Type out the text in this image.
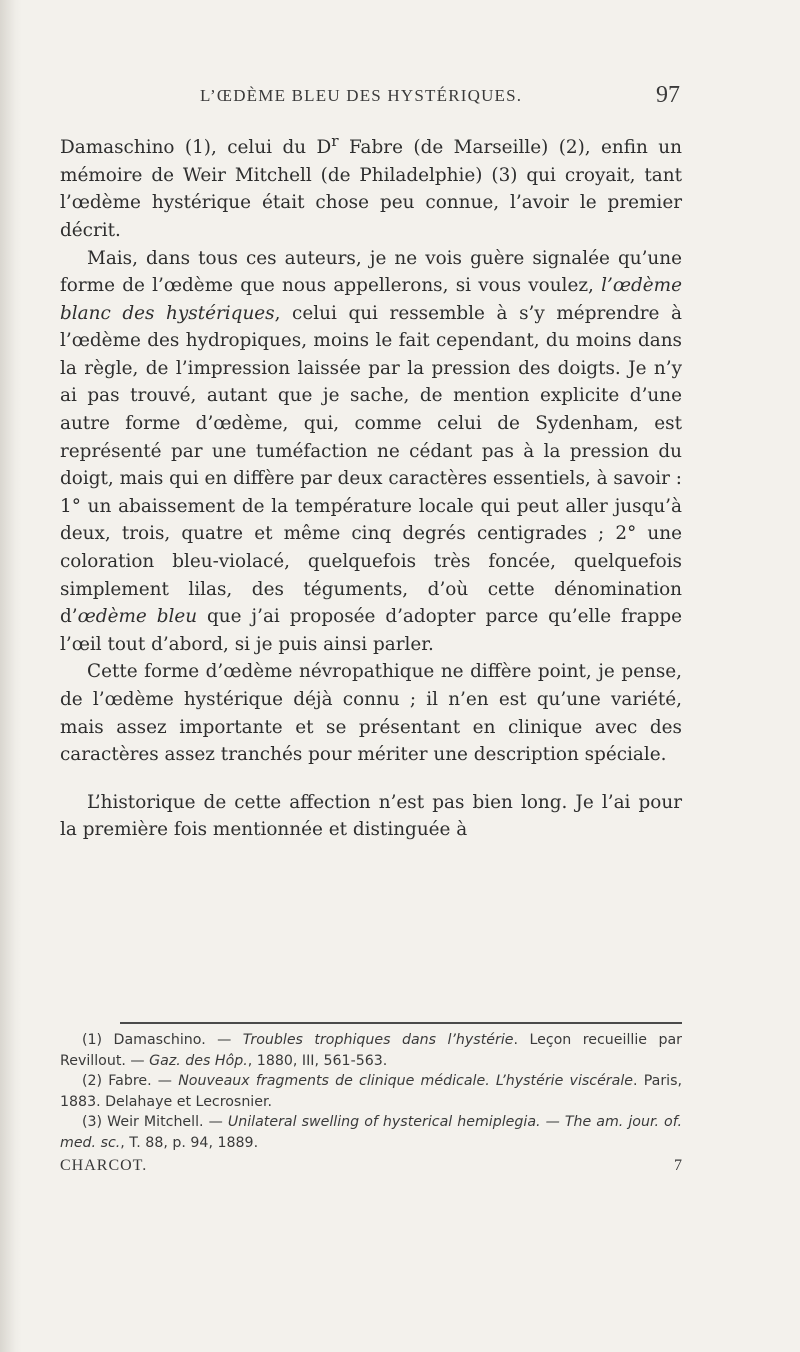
L’ŒDÈME BLEU DES HYSTÉRIQUES.	97

Damaschino (1), celui du $D^r$ Fabre (de Marseille) (2), enfin un mémoire de Weir Mitchell (de Philadelphie) (3) qui croyait, tant l’œdème hystérique était chose peu connue, l’avoir le premier décrit.

Mais, dans tous ces auteurs, je ne vois guère signalée qu’une forme de l’œdème que nous appellerons, si vous voulez, l’œdème blanc des hystériques, celui qui ressemble à s’y méprendre à l’œdème des hydropiques, moins le fait cependant, du moins dans la règle, de l’impression laissée par la pression des doigts. Je n’y ai pas trouvé, autant que je sache, de mention explicite d’une autre forme d’œdème, qui, comme celui de Sydenham, est représenté par une tuméfaction ne cédant pas à la pression du doigt, mais qui en diffère par deux caractères essentiels, à savoir : 1° un abaissement de la température locale qui peut aller jusqu’à deux, trois, quatre et même cinq degrés centigrades ; 2° une coloration bleu-violacé, quelquefois très foncée, quelquefois simplement lilas, des téguments, d’où cette dénomination d’œdème bleu que j’ai proposée d’adopter parce qu’elle frappe l’œil tout d’abord, si je puis ainsi parler.

Cette forme d’œdème névropathique ne diffère point, je pense, de l’œdème hystérique déjà connu ; il n’en est qu’une variété, mais assez importante et se présentant en clinique avec des caractères assez tranchés pour mériter une description spéciale.

L’historique de cette affection n’est pas bien long. Je l’ai pour la première fois mentionnée et distinguée à

(1) Damaschino. — Troubles trophiques dans l’hystérie. Leçon recueillie par Revillout. — Gaz. des Hôp., 1880, III, 561-563.

(2) Fabre. — Nouveaux fragments de clinique médicale. L’hystérie viscérale. Paris, 1883. Delahaye et Lecrosnier.

(3) Weir Mitchell. — Unilateral swelling of hysterical hemiplegia. — The am. jour. of. med. sc., T. 88, p. 94, 1889.

CHARCOT.	7
